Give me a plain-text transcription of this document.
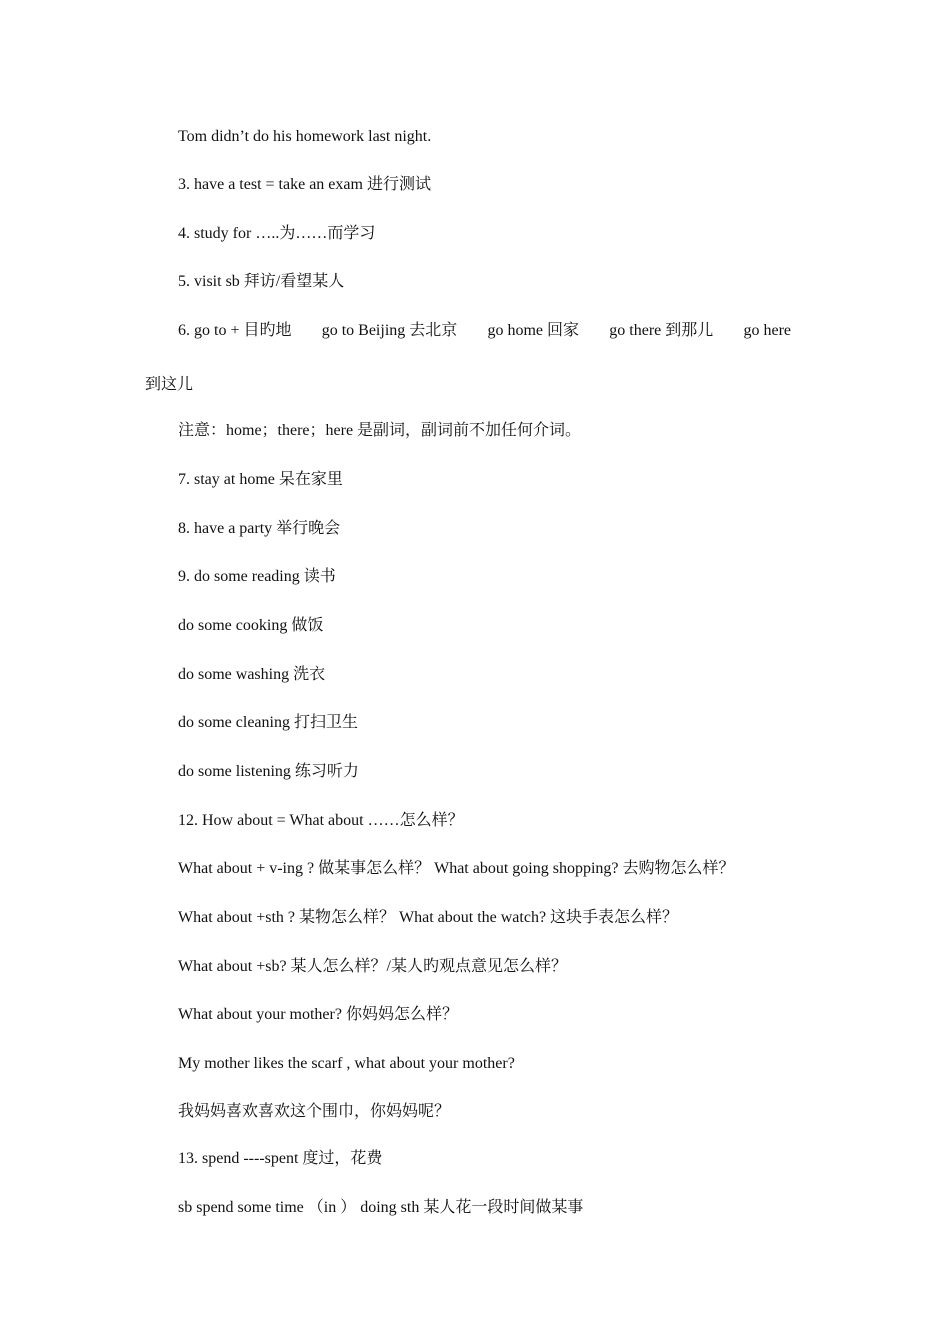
Tom didn’t do his homework last night.
3. have a test = take an exam 进行测试
4. study for …..为……而学习
5. visit sb 拜访/看望某人
6. go to + 目旳地 go to Beijing 去北京 go home 回家 go there 到那儿 go here
到这儿
注意：home；there；here 是副词，副词前不加任何介词。
7. stay at home 呆在家里
8. have a party 举行晚会
9. do some reading 读书
do some cooking 做饭
do some washing 洗衣
do some cleaning 打扫卫生
do some listening 练习听力
12. How about = What about ……怎么样？
What about + v-ing ? 做某事怎么样？ What about going shopping? 去购物怎么样？
What about +sth ? 某物怎么样？ What about the watch? 这块手表怎么样？
What about +sb? 某人怎么样？/某人旳观点意见怎么样？
What about your mother? 你妈妈怎么样？
My mother likes the scarf , what about your mother?
我妈妈喜欢喜欢这个围巾，你妈妈呢？
13. spend ----spent 度过，花费
sb spend some time （in ） doing sth 某人花一段时间做某事
